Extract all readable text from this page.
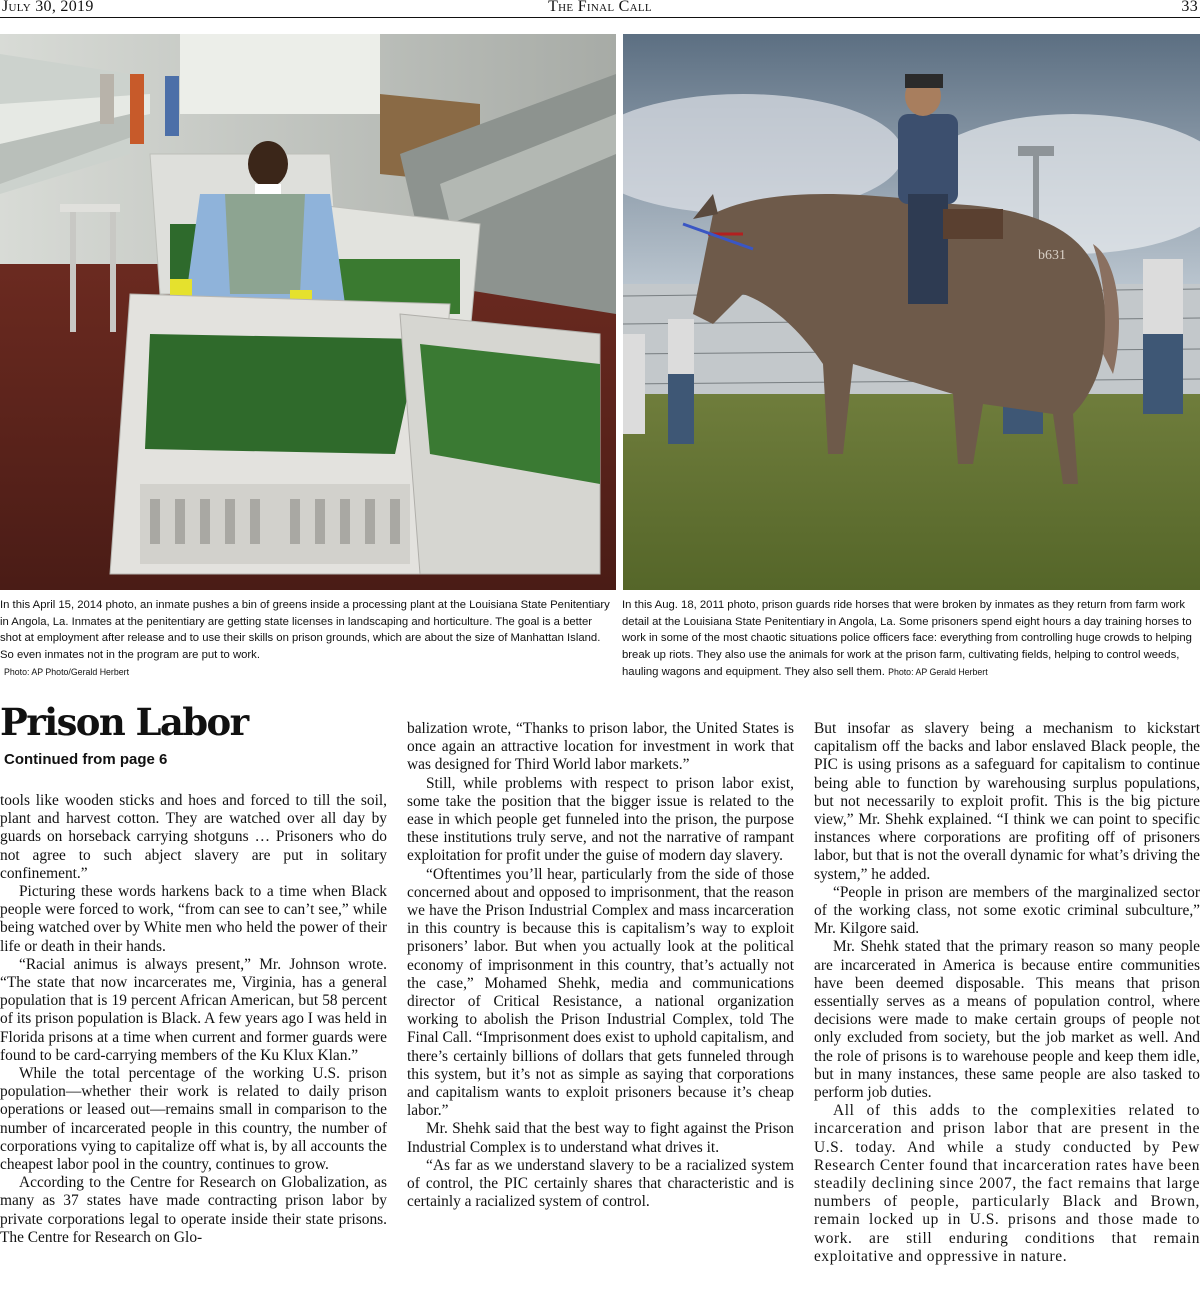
The Final Call
July 30, 2019	33
b631
In this April 15, 2014 photo, an inmate pushes a bin of greens inside a processing plant at the Louisiana State Penitentiary in Angola, La. Inmates at the penitentiary are getting state licenses in landscaping and horticulture. The goal is a better shot at employment after release and to use their skills on prison grounds, which are about the size of Manhattan Island. So even inmates not in the program are put to work.
Photo: AP Photo/Gerald Herbert
In this Aug. 18, 2011 photo, prison guards ride horses that were broken by inmates as they return from farm work detail at the Louisiana State Penitentiary in Angola, La. Some prisoners spend eight hours a day training horses to work in some of the most chaotic situations police officers face: everything from controlling huge crowds to helping break up riots. They also use the animals for work at the prison farm, cultivating fields, helping to control weeds, hauling wagons and equipment. They also sell them. Photo: AP Gerald Herbert
Prison Labor
Continued from page 6

tools like wooden sticks and hoes and forced to till the soil, plant and harvest cotton. They are watched over all day by guards on horseback carrying shotguns … Prisoners who do not agree to such abject slavery are put in solitary confinement.”

Picturing these words harkens back to a time when Black people were forced to work, “from can see to can’t see,” while being watched over by White men who held the power of their life or death in their hands.

“Racial animus is always present,” Mr. Johnson wrote. “The state that now incarcerates me, Virginia, has a general population that is 19 percent African American, but 58 percent of its prison population is Black. A few years ago I was held in Florida prisons at a time when current and former guards were found to be card-carrying members of the Ku Klux Klan.”

While the total percentage of the working U.S. prison population—whether their work is related to daily prison operations or leased out—remains small in comparison to the number of incarcerated people in this country, the number of corporations vying to capitalize off what is, by all accounts the cheapest labor pool in the country, continues to grow.

According to the Centre for Research on Globalization, as many as 37 states have made contracting prison labor by private corporations legal to operate inside their state prisons. The Centre for Research on Glo-

balization wrote, “Thanks to prison labor, the United States is once again an attractive location for investment in work that was designed for Third World labor markets.”

Still, while problems with respect to prison labor exist, some take the position that the bigger issue is related to the ease in which people get funneled into the prison, the purpose these institutions truly serve, and not the narrative of rampant exploitation for profit under the guise of modern day slavery.

“Oftentimes you’ll hear, particularly from the side of those concerned about and opposed to imprisonment, that the reason we have the Prison Industrial Complex and mass incarceration in this country is because this is capitalism’s way to exploit prisoners’ labor. But when you actually look at the political economy of imprisonment in this country, that’s actually not the case,” Mohamed Shehk, media and communications director of Critical Resistance, a national organization working to abolish the Prison Industrial Complex, told The Final Call. “Imprisonment does exist to uphold capitalism, and there’s certainly billions of dollars that gets funneled through this system, but it’s not as simple as saying that corporations and capitalism wants to exploit prisoners because it’s cheap labor.”

Mr. Shehk said that the best way to fight against the Prison Industrial Complex is to understand what drives it.

“As far as we understand slavery to be a racialized system of control, the PIC certainly shares that characteristic and is certainly a racialized system of control.

But insofar as slavery being a mechanism to kickstart capitalism off the backs and labor enslaved Black people, the PIC is using prisons as a safeguard for capitalism to continue being able to function by warehousing surplus populations, but not necessarily to exploit profit. This is the big picture view,” Mr. Shehk explained. “I think we can point to specific instances where corporations are profiting off of prisoners labor, but that is not the overall dynamic for what’s driving the system,” he added.

“People in prison are members of the marginalized sector of the working class, not some exotic criminal subculture,” Mr. Kilgore said.

Mr. Shehk stated that the primary reason so many people are incarcerated in America is because entire communities have been deemed disposable. This means that prison essentially serves as a means of population control, where decisions were made to make certain groups of people not only excluded from society, but the job market as well. And the role of prisons is to warehouse people and keep them idle, but in many instances, these same people are also tasked to perform job duties.

All of this adds to the complexities related to incarceration and prison labor that are present in the U.S. today. And while a study conducted by Pew Research Center found that incarceration rates have been steadily declining since 2007, the fact remains that large numbers of people, particularly Black and Brown, remain locked up in U.S. prisons and those made to work. are still enduring conditions that remain exploitative and oppressive in nature.
